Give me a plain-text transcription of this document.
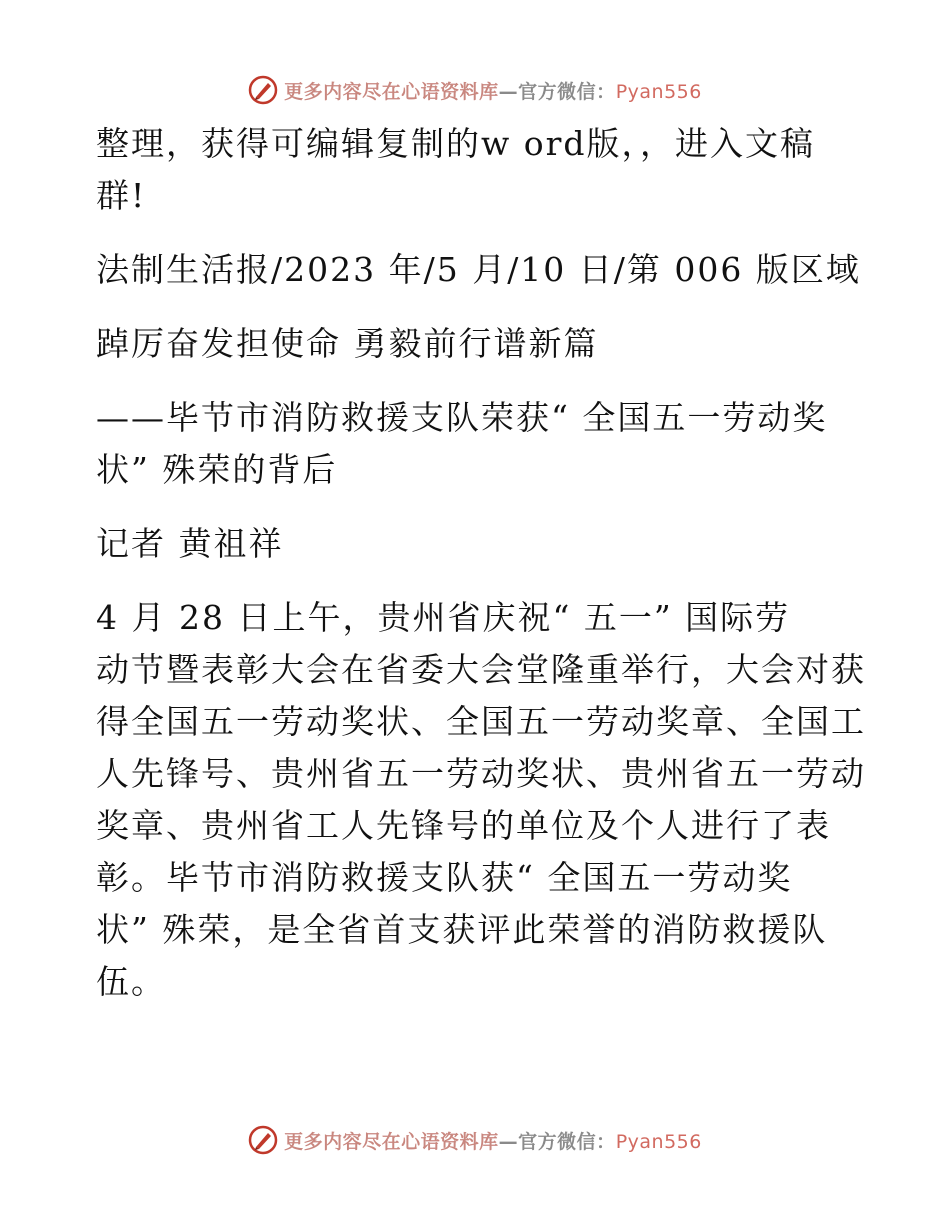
更多内容尽在心语资料库—官方微信：Pyan556

整理，获得可编辑复制的w ord版，，进入文稿

群!

法制生活报/2023 年/5 月/10 日/第 006 版区域

踔厉奋发担使命 勇毅前行谱新篇

——毕节市消防救援支队荣获“ 全国五一劳动奖

状” 殊荣的背后

记者 黄祖祥

4 月 28 日上午，贵州省庆祝“ 五一” 国际劳

动节暨表彰大会在省委大会堂隆重举行，大会对获

得全国五一劳动奖状、全国五一劳动奖章、全国工

人先锋号、贵州省五一劳动奖状、贵州省五一劳动

奖章、贵州省工人先锋号的单位及个人进行了表

彰。毕节市消防救援支队获“ 全国五一劳动奖

状” 殊荣，是全省首支获评此荣誉的消防救援队

伍。

更多内容尽在心语资料库—官方微信：Pyan556
